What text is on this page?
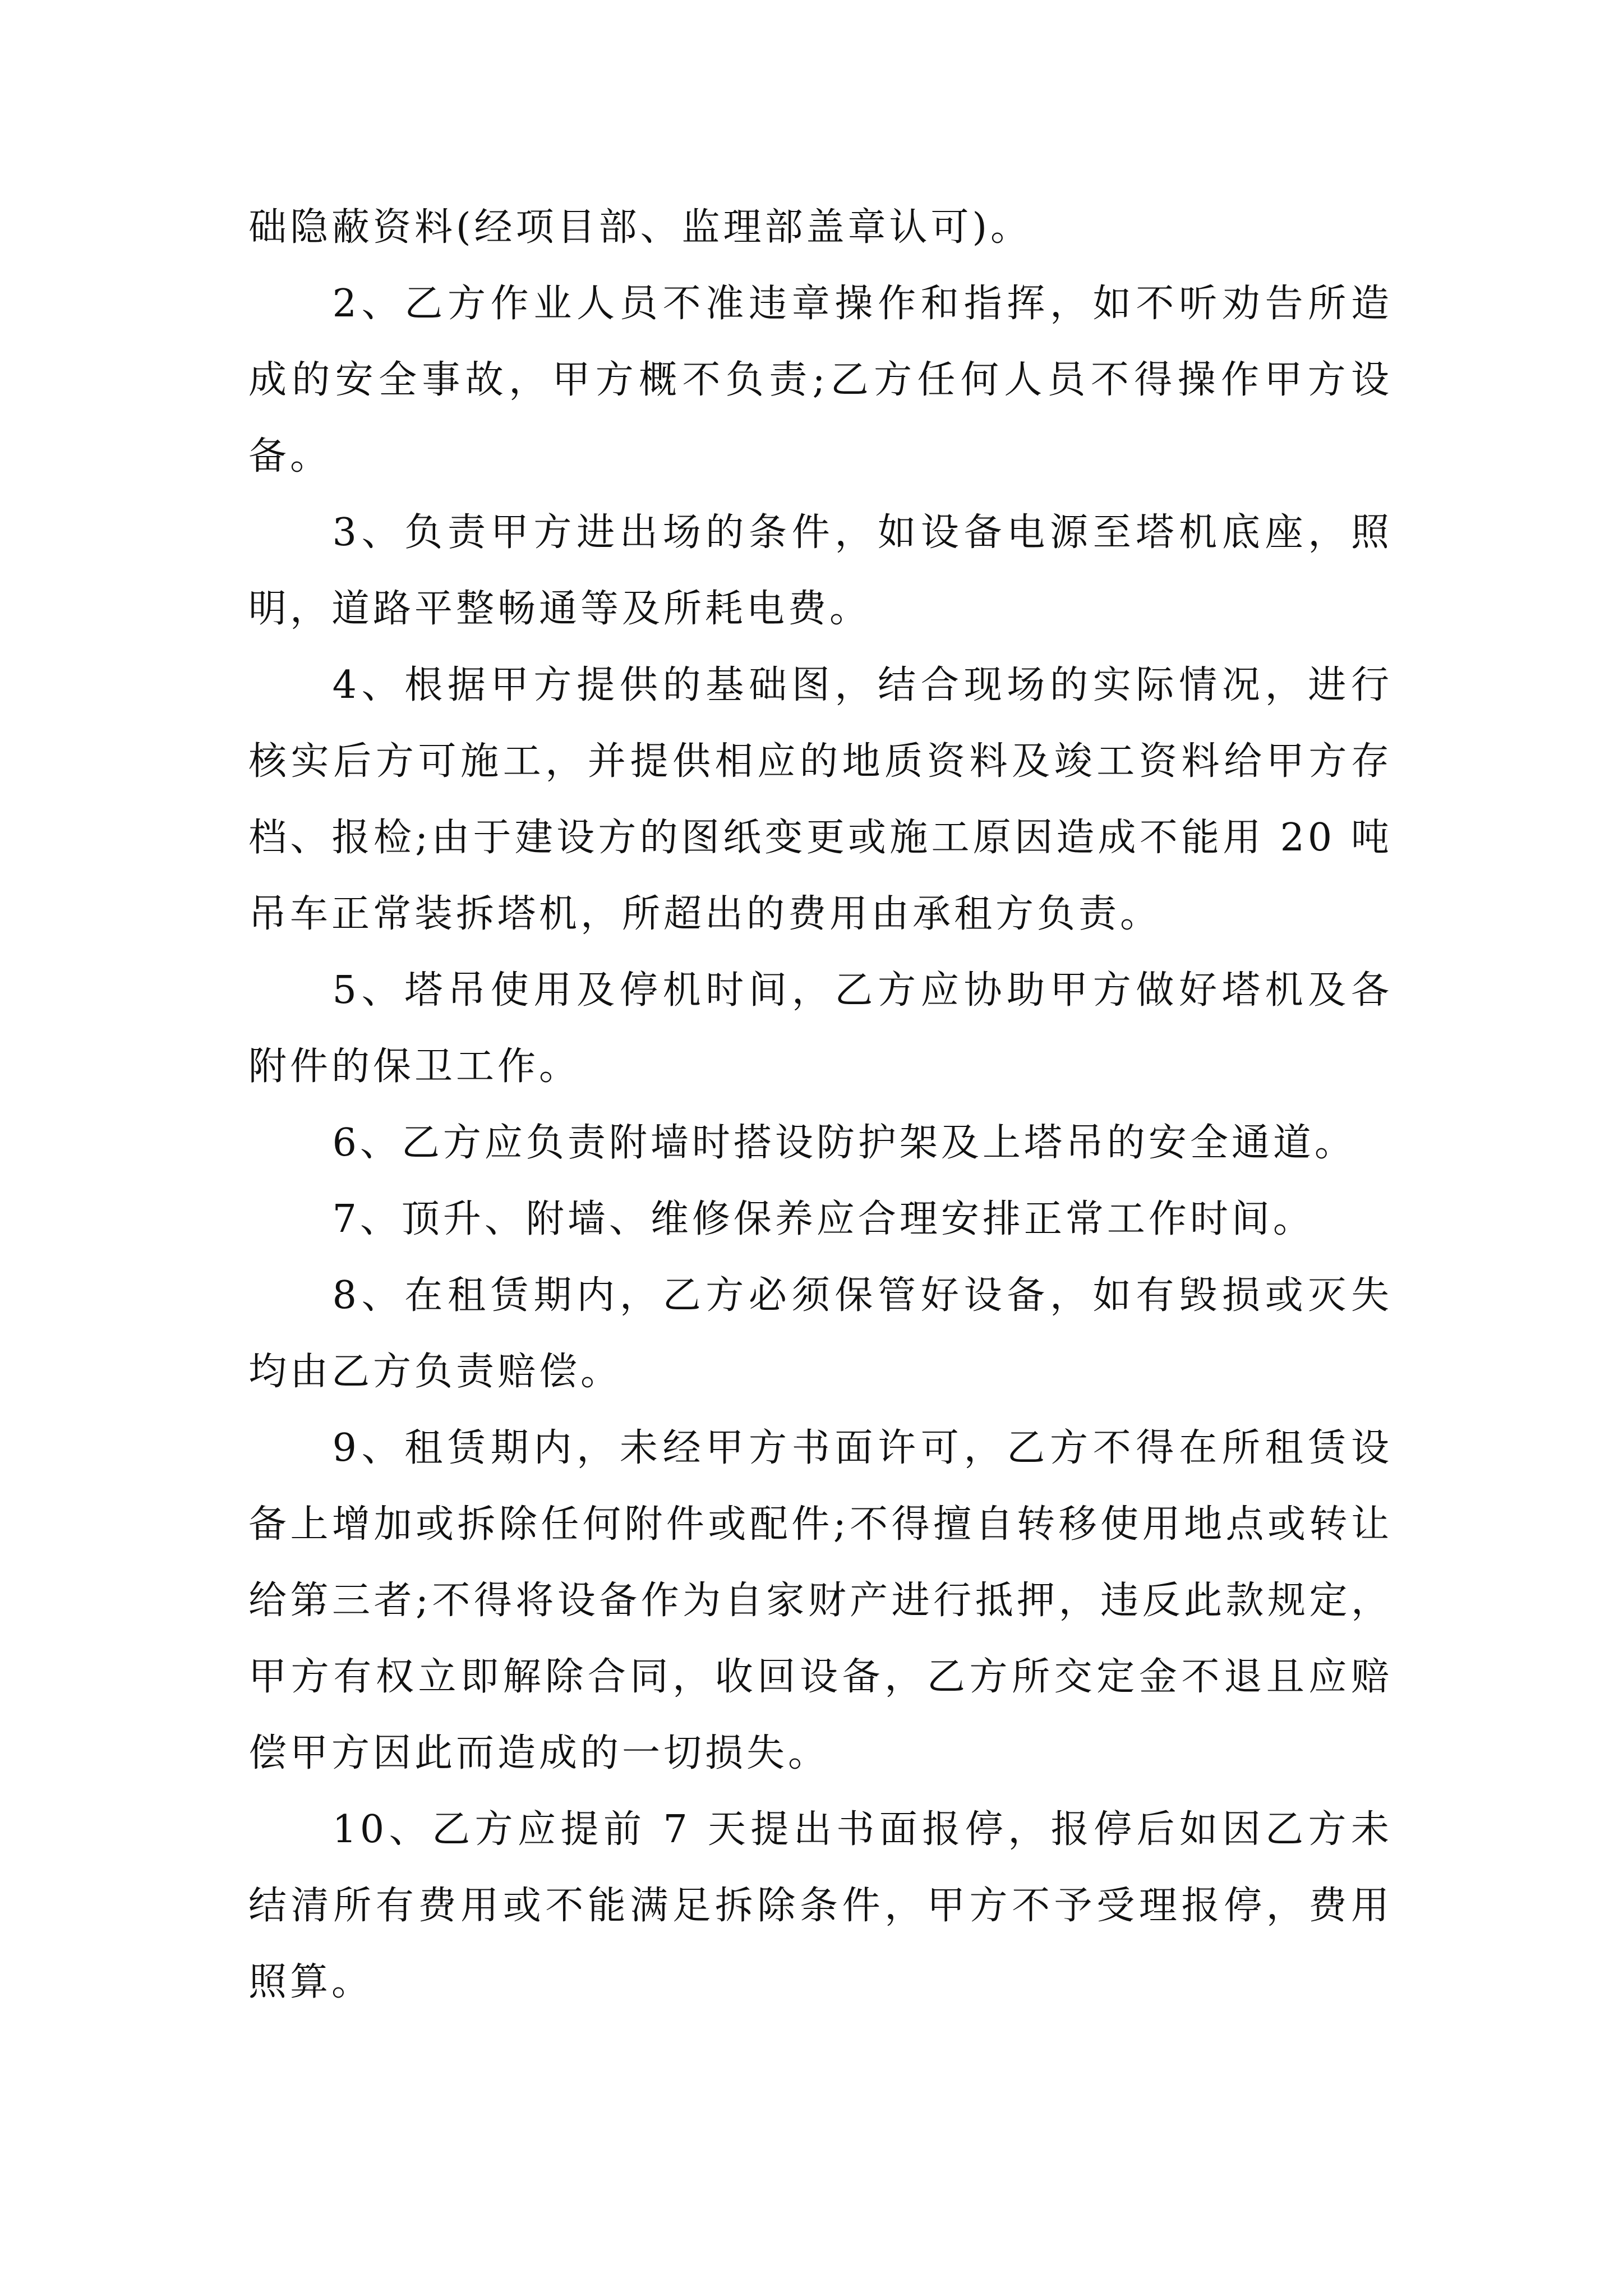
础隐蔽资料(经项目部、监理部盖章认可)。

2、乙方作业人员不准违章操作和指挥，如不听劝告所造成的安全事故，甲方概不负责;乙方任何人员不得操作甲方设备。

3、负责甲方进出场的条件，如设备电源至塔机底座，照明，道路平整畅通等及所耗电费。

4、根据甲方提供的基础图，结合现场的实际情况，进行核实后方可施工，并提供相应的地质资料及竣工资料给甲方存档、报检;由于建设方的图纸变更或施工原因造成不能用 20 吨吊车正常装拆塔机，所超出的费用由承租方负责。

5、塔吊使用及停机时间，乙方应协助甲方做好塔机及各附件的保卫工作。

6、乙方应负责附墙时搭设防护架及上塔吊的安全通道。

7、顶升、附墙、维修保养应合理安排正常工作时间。

8、在租赁期内，乙方必须保管好设备，如有毁损或灭失均由乙方负责赔偿。

9、租赁期内，未经甲方书面许可，乙方不得在所租赁设备上增加或拆除任何附件或配件;不得擅自转移使用地点或转让给第三者;不得将设备作为自家财产进行抵押，违反此款规定，甲方有权立即解除合同，收回设备，乙方所交定金不退且应赔偿甲方因此而造成的一切损失。

10、乙方应提前 7 天提出书面报停，报停后如因乙方未结清所有费用或不能满足拆除条件，甲方不予受理报停，费用照算。
